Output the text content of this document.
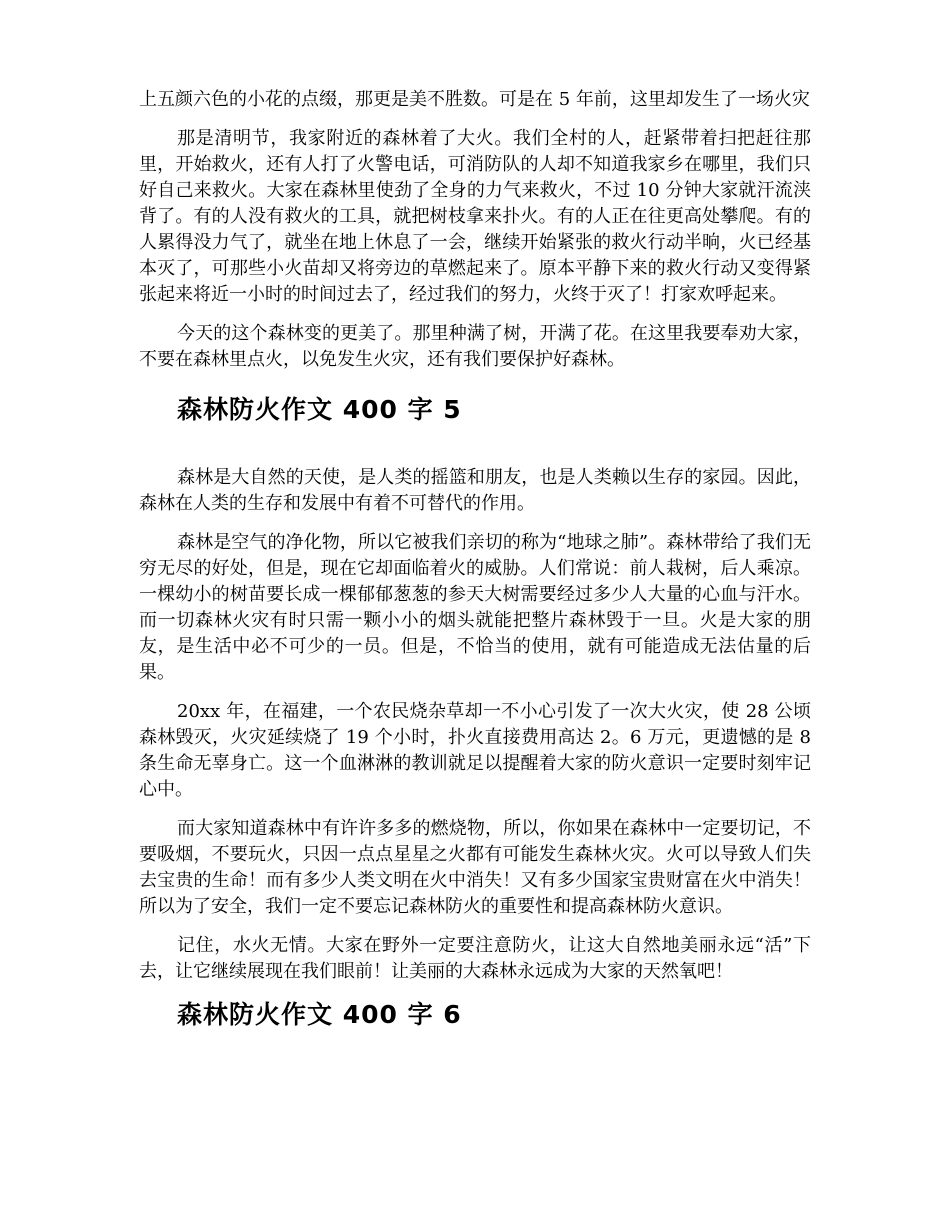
上五颜六色的小花的点缀，那更是美不胜数。可是在 5 年前，这里却发生了一场火灾

那是清明节，我家附近的森林着了大火。我们全村的人，赶紧带着扫把赶往那里，开始救火，还有人打了火警电话，可消防队的人却不知道我家乡在哪里，我们只好自己来救火。大家在森林里使劲了全身的力气来救火，不过 10 分钟大家就汗流浃背了。有的人没有救火的工具，就把树枝拿来扑火。有的人正在往更高处攀爬。有的人累得没力气了，就坐在地上休息了一会，继续开始紧张的救火行动半晌，火已经基本灭了，可那些小火苗却又将旁边的草燃起来了。原本平静下来的救火行动又变得紧张起来将近一小时的时间过去了，经过我们的努力，火终于灭了！打家欢呼起来。

今天的这个森林变的更美了。那里种满了树，开满了花。在这里我要奉劝大家，不要在森林里点火，以免发生火灾，还有我们要保护好森林。

森林防火作文 400 字 5

森林是大自然的天使，是人类的摇篮和朋友，也是人类赖以生存的家园。因此，森林在人类的生存和发展中有着不可替代的作用。

森林是空气的净化物，所以它被我们亲切的称为“地球之肺”。森林带给了我们无穷无尽的好处，但是，现在它却面临着火的威胁。人们常说：前人栽树，后人乘凉。一棵幼小的树苗要长成一棵郁郁葱葱的参天大树需要经过多少人大量的心血与汗水。而一切森林火灾有时只需一颗小小的烟头就能把整片森林毁于一旦。火是大家的朋友，是生活中必不可少的一员。但是，不恰当的使用，就有可能造成无法估量的后果。

20xx 年，在福建，一个农民烧杂草却一不小心引发了一次大火灾，使 28 公顷森林毁灭，火灾延续烧了 19 个小时，扑火直接费用高达 2。6 万元，更遗憾的是 8 条生命无辜身亡。这一个血淋淋的教训就足以提醒着大家的防火意识一定要时刻牢记心中。

而大家知道森林中有许许多多的燃烧物，所以，你如果在森林中一定要切记，不要吸烟，不要玩火，只因一点点星星之火都有可能发生森林火灾。火可以导致人们失去宝贵的生命！而有多少人类文明在火中消失！又有多少国家宝贵财富在火中消失！所以为了安全，我们一定不要忘记森林防火的重要性和提高森林防火意识。

记住，水火无情。大家在野外一定要注意防火，让这大自然地美丽永远“活”下去，让它继续展现在我们眼前！让美丽的大森林永远成为大家的天然氧吧！

森林防火作文 400 字 6
